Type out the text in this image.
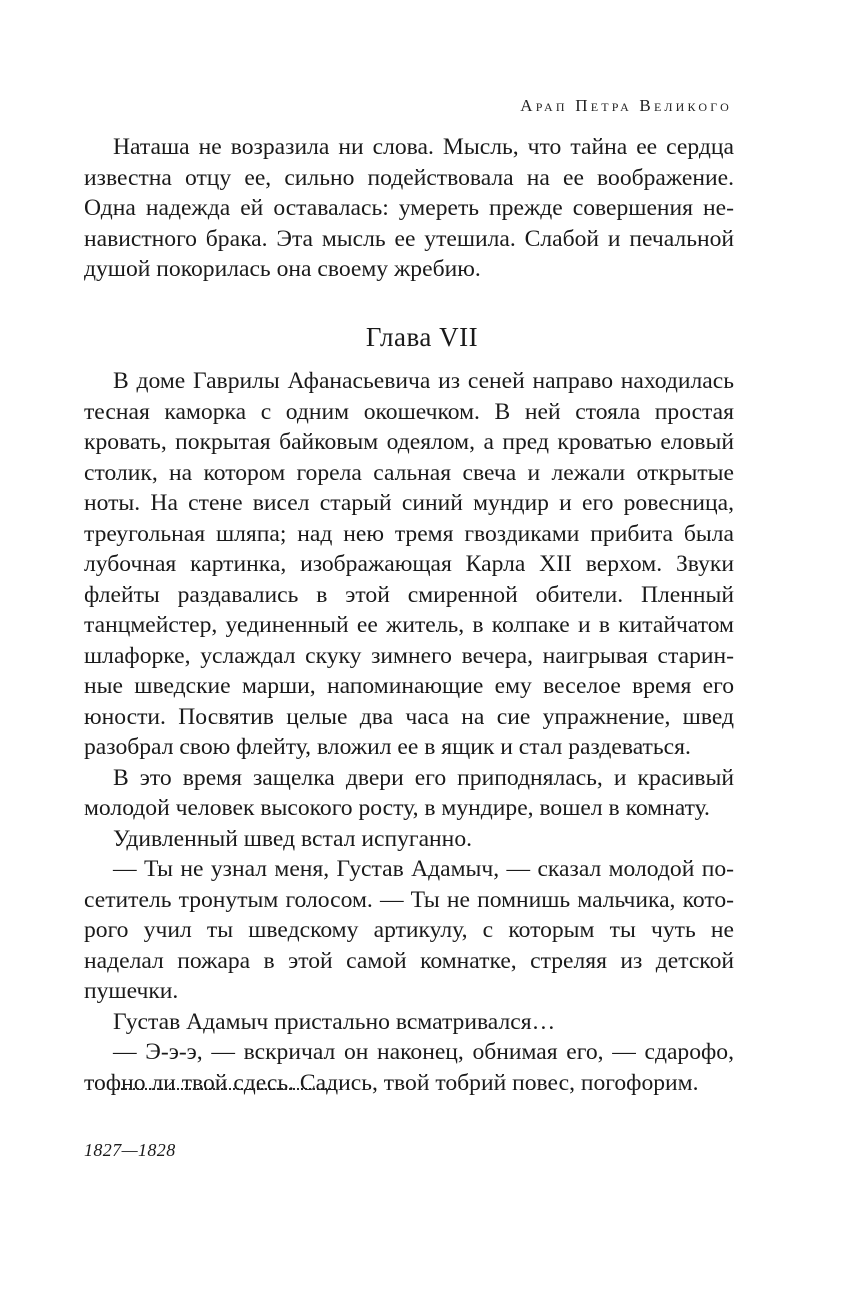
Арап Петра Великого

Наташа не возразила ни слова. Мысль, что тайна ее сердца известна отцу ее, сильно подействовала на ее воображение. Одна надежда ей оставалась: умереть прежде совершения ненавистного брака. Эта мысль ее утешила. Слабой и печальной душой покорилась она своему жребию.

Глава VII

В доме Гаврилы Афанасьевича из сеней направо находилась тесная каморка с одним окошечком. В ней стояла простая кровать, покрытая байковым одеялом, а пред кроватью еловый столик, на котором горела сальная свеча и лежали открытые ноты. На стене висел старый синий мундир и его ровесница, треугольная шляпа; над нею тремя гвоздиками прибита была лубочная картинка, изображающая Карла XII верхом. Звуки флейты раздавались в этой смиренной обители. Пленный танцмейстер, уединенный ее житель, в колпаке и в китайчатом шлафорке, услаждал скуку зимнего вечера, наигрывая старинные шведские марши, напоминающие ему веселое время его юности. Посвятив целые два часа на сие упражнение, швед разобрал свою флейту, вложил ее в ящик и стал раздеваться.

В это время защелка двери его приподнялась, и красивый молодой человек высокого росту, в мундире, вошел в комнату.

Удивленный швед встал испуганно.

— Ты не узнал меня, Густав Адамыч, — сказал молодой посетитель тронутым голосом. — Ты не помнишь мальчика, которого учил ты шведскому артикулу, с которым ты чуть не наделал пожара в этой самой комнатке, стреляя из детской пушечки.

Густав Адамыч пристально всматривался…

— Э-э-э, — вскричал он наконец, обнимая его, — сдарофо, тофно ли твой сдесь. Садись, твой тобрий повес, погофорим.

1827—1828
